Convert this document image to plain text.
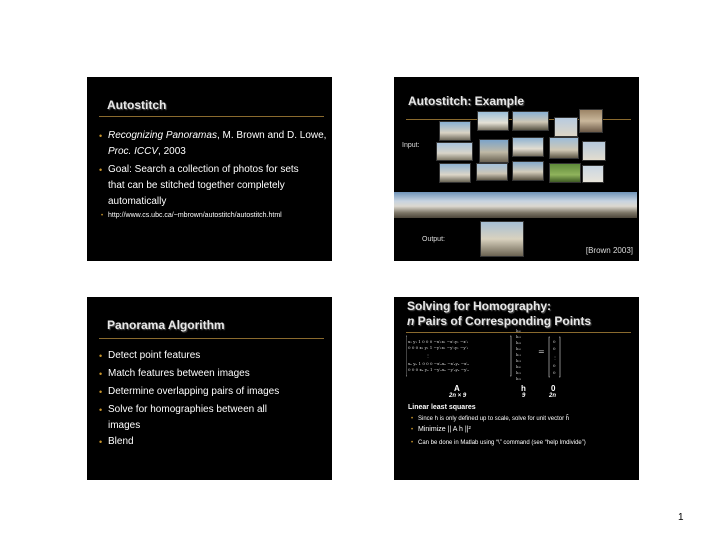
Autostitch
• Recognizing Panoramas, M. Brown and D. Lowe, Proc. ICCV, 2003
• Goal: Search a collection of photos for sets that can be stitched together completely automatically
• http://www.cs.ubc.ca/~mbrown/autostitch/autostitch.html
Autostitch: Example
Input:
Output:
[Brown 2003]
Panorama Algorithm
• Detect point features
• Match features between images
• Determine overlapping pairs of images
• Solve for homographies between all images
• Blend
Solving for Homography:
n Pairs of Corresponding Points
x₁ y₁ 1 0 0 0 −x′₁x₁ −x′₁y₁ −x′₁
0 0 0 x₁ y₁ 1 −y′₁x₁ −y′₁y₁ −y′₁
⋮
xₙ yₙ 1 0 0 0 −x′ₙxₙ −x′ₙyₙ −x′ₙ
0 0 0 xₙ yₙ 1 −y′ₙxₙ −y′ₙyₙ −y′ₙ
h₀₀
h₀₁
h₀₂
h₁₀
h₁₁
h₁₂
h₂₀
h₂₁
h₂₂
=
0
0
⋮
0
0
A
2n × 9
h
9
0
2n
Linear least squares
• Since h is only defined up to scale, solve for unit vector ĥ
• Minimize || A h ||²
• Can be done in Matlab using “\” command (see “help lmdivide”)
1
